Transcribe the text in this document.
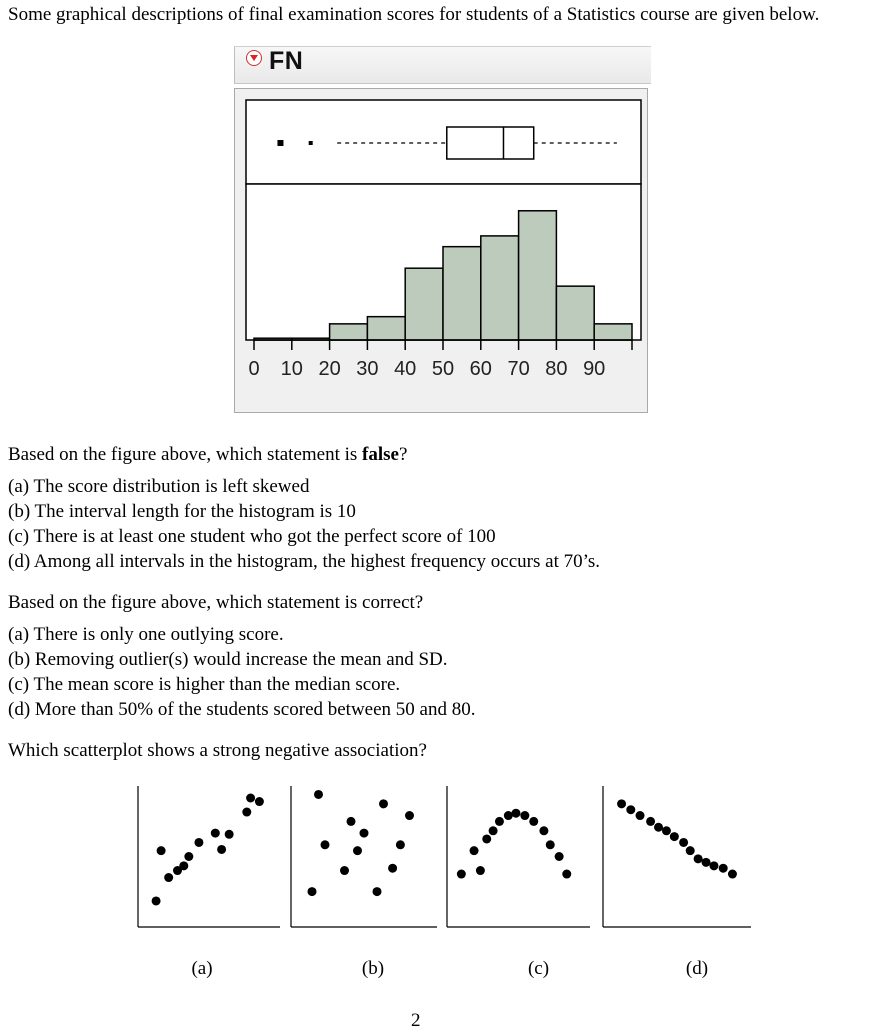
Some graphical descriptions of final examination scores for students of a Statistics course are given below.
FN
0 10 20 30 40 50 60 70 80 90
Based on the figure above, which statement is false?
(a) The score distribution is left skewed
(b) The interval length for the histogram is 10
(c) There is at least one student who got the perfect score of 100
(d) Among all intervals in the histogram, the highest frequency occurs at 70’s.
Based on the figure above, which statement is correct?
(a) There is only one outlying score.
(b) Removing outlier(s) would increase the mean and SD.
(c) The mean score is higher than the median score.
(d) More than 50% of the students scored between 50 and 80.
Which scatterplot shows a strong negative association?
(a)	(b)	(c)	(d)
2
